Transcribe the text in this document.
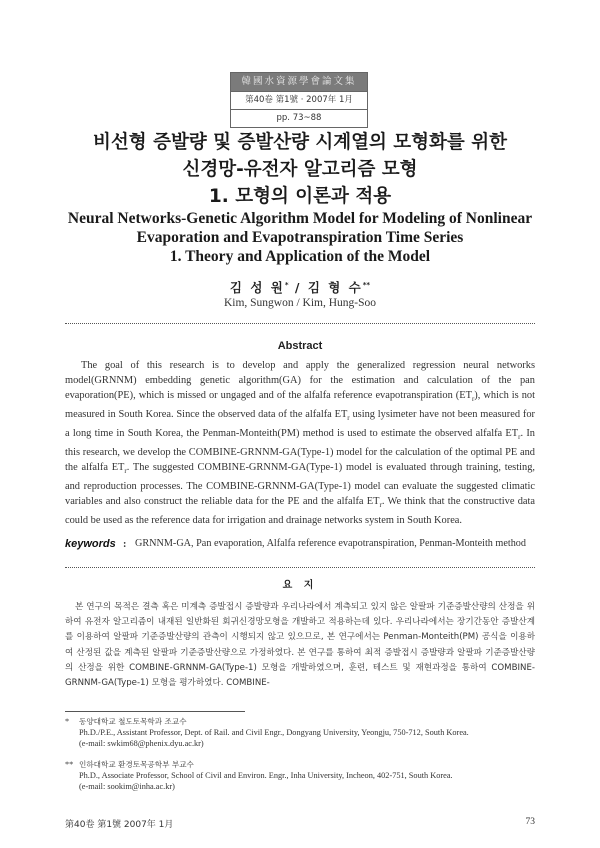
韓國水資源學會論文集
第40卷 第1號 · 2007年 1月
pp. 73~88
비선형 증발량 및 증발산량 시계열의 모형화를 위한
신경망-유전자 알고리즘 모형
1. 모형의 이론과 적용
Neural Networks-Genetic Algorithm Model for Modeling of Nonlinear
Evaporation and Evapotranspiration Time Series
1. Theory and Application of the Model
김 성 원* / 김 형 수**
Kim, Sungwon / Kim, Hung-Soo
Abstract

The goal of this research is to develop and apply the generalized regression neural networks model(GRNNM) embedding genetic algorithm(GA) for the estimation and calculation of the pan evaporation(PE), which is missed or ungaged and of the alfalfa reference evapotranspiration $(ET_r)$, which is not measured in South Korea. Since the observed data of the alfalfa $ET_r$ using lysimeter have not been measured for a long time in South Korea, the Penman-Monteith(PM) method is used to estimate the observed alfalfa $ET_r$. In this research, we develop the COMBINE-GRNNM-GA(Type-1) model for the calculation of the optimal PE and the alfalfa $ET_r$. The suggested COMBINE-GRNNM-GA(Type-1) model is evaluated through training, testing, and reproduction processes. The COMBINE-GRNNM-GA(Type-1) model can evaluate the suggested climatic variables and also construct the reliable data for the PE and the alfalfa $ET_r$. We think that the constructive data could be used as the reference data for irrigation and drainage networks system in South Korea.

keywords : GRNNM-GA, Pan evaporation, Alfalfa reference evapotranspiration, Penman-Monteith method
요 지

본 연구의 목적은 결측 혹은 미계측 증발접시 증발량과 우리나라에서 계측되고 있지 않은 알팔파 기준증발산량의 산정을 위하여 유전자 알고리즘이 내재된 일반화된 회귀신경망모형을 개발하고 적용하는데 있다. 우리나라에서는 장기간동안 증발산계를 이용하여 알팔파 기준증발산량의 관측이 시행되지 않고 있으므로, 본 연구에서는 Penman-Monteith(PM) 공식을 이용하여 산정된 값을 계측된 알팔파 기준증발산량으로 가정하였다. 본 연구를 통하여 최적 증발접시 증발량과 알팔파 기준증발산량의 산정을 위한 COMBINE-GRNNM-GA(Type-1) 모형을 개발하였으며, 훈련, 테스트 및 재현과정을 통하여 COMBINE-GRNNM-GA(Type-1) 모형을 평가하였다. COMBINE-

* 동양대학교 철도토목학과 조교수
Ph.D./P.E., Assistant Professor, Dept. of Rail. and Civil Engr., Dongyang University, Yeongju, 750-712, South Korea.
(e-mail: swkim68@phenix.dyu.ac.kr)
** 인하대학교 환경토목공학부 부교수
Ph.D., Associate Professor, School of Civil and Environ. Engr., Inha University, Incheon, 402-751, South Korea.
(e-mail: sookim@inha.ac.kr)
第40卷 第1號 2007年 1月	73
